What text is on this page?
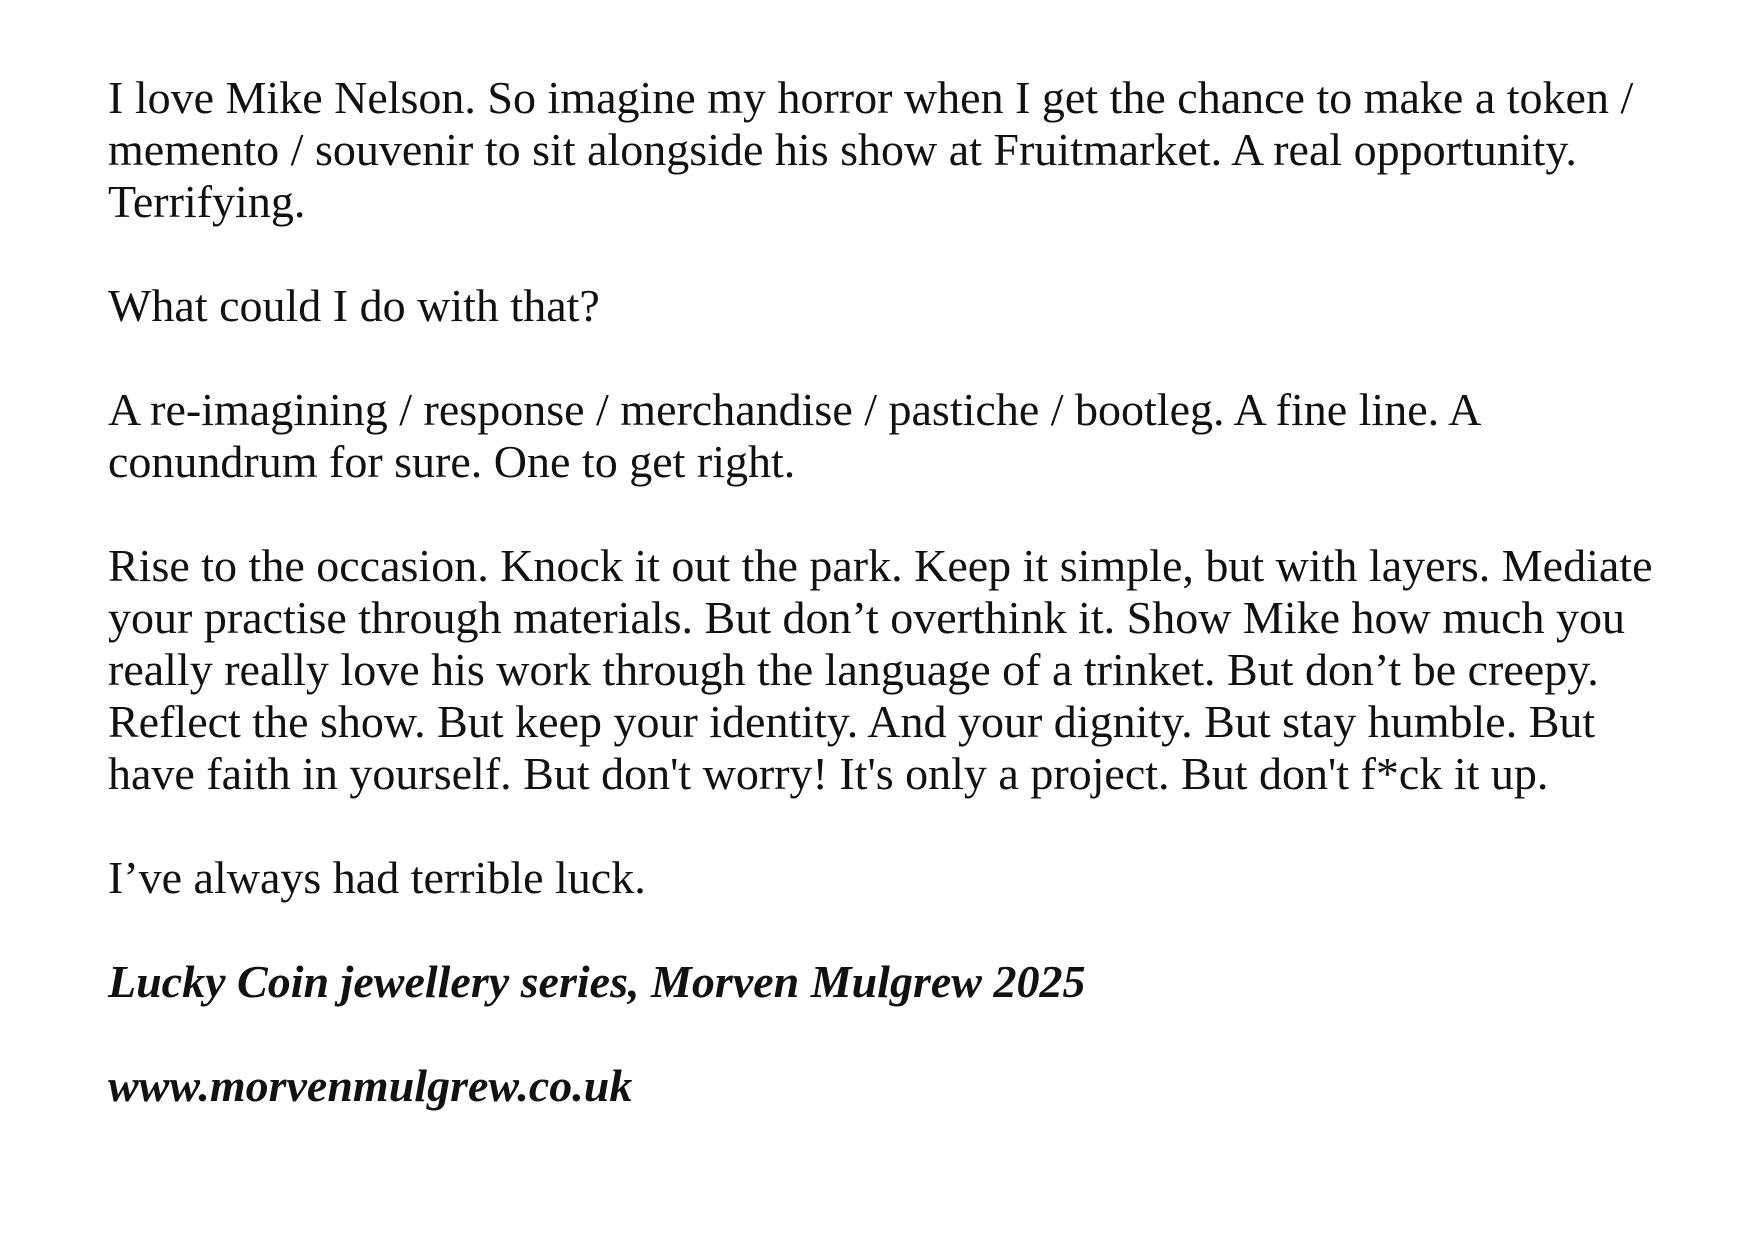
I love Mike Nelson. So imagine my horror when I get the chance to make a token / memento / souvenir to sit alongside his show at Fruitmarket. A real opportunity. Terrifying.

What could I do with that?

A re-imagining / response / merchandise / pastiche / bootleg. A fine line. A conundrum for sure. One to get right.

Rise to the occasion. Knock it out the park. Keep it simple, but with layers. Mediate your practise through materials. But don’t overthink it. Show Mike how much you really really love his work through the language of a trinket. But don’t be creepy. Reflect the show. But keep your identity. And your dignity. But stay humble. But have faith in yourself. But don't worry! It's only a project. But don't f*ck it up.

I’ve always had terrible luck.

Lucky Coin jewellery series, Morven Mulgrew 2025

www.morvenmulgrew.co.uk
